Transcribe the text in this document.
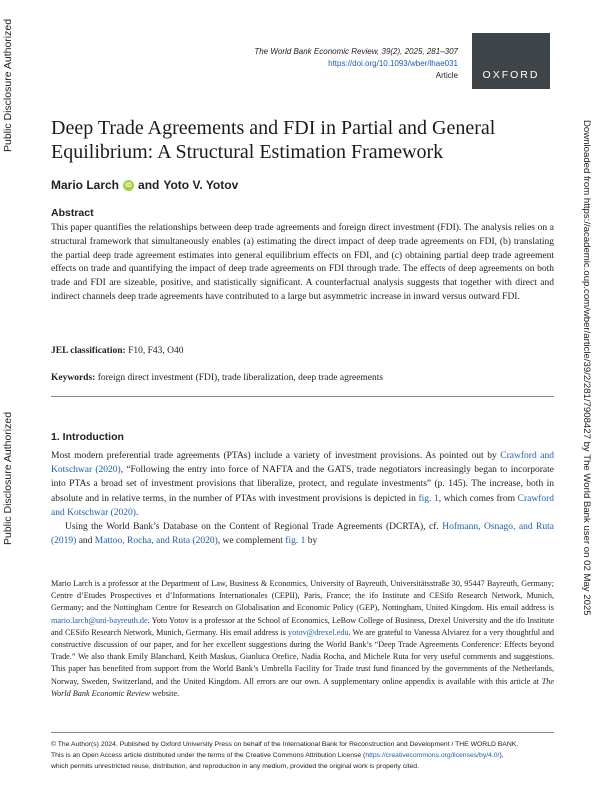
Public Disclosure Authorized
Public Disclosure Authorized	Downloaded from https://academic.oup.com/wber/article/39/2/281/7908427 by The World Bank user on 02 May 2025
The World Bank Economic Review, 39(2), 2025, 281–307
https://doi.org/10.1093/wber/lhae031
Article OXFORD
Deep Trade Agreements and FDI in Partial and General Equilibrium: A Structural Estimation Framework
Mario Larch iD and Yoto V. Yotov
Abstract
This paper quantifies the relationships between deep trade agreements and foreign direct investment (FDI). The analysis relies on a structural framework that simultaneously enables (a) estimating the direct impact of deep trade agreements on FDI, (b) translating the partial deep trade agreement estimates into general equilibrium effects on FDI, and (c) obtaining partial deep trade agreement effects on trade and quantifying the impact of deep trade agreements on FDI through trade. The effects of deep agreements on both trade and FDI are sizeable, positive, and statistically significant. A counterfactual analysis suggests that together with direct and indirect channels deep trade agreements have contributed to a large but asymmetric increase in inward versus outward FDI.
JEL classification: F10, F43, O40
Keywords: foreign direct investment (FDI), trade liberalization, deep trade agreements
1. Introduction

Most modern preferential trade agreements (PTAs) include a variety of investment provisions. As pointed out by Crawford and Kotschwar (2020), “Following the entry into force of NAFTA and the GATS, trade negotiators increasingly began to incorporate into PTAs a broad set of investment provisions that liberalize, protect, and regulate investments” (p. 145). The increase, both in absolute and in relative terms, in the number of PTAs with investment provisions is depicted in fig. 1, which comes from Crawford and Kotschwar (2020).

Using the World Bank’s Database on the Content of Regional Trade Agreements (DCRTA), cf. Hofmann, Osnago, and Ruta (2019) and Mattoo, Rocha, and Ruta (2020), we complement fig. 1 by

Mario Larch is a professor at the Department of Law, Business & Economics, University of Bayreuth, Universitätsstraße 30, 95447 Bayreuth, Germany; Centre d’Etudes Prospectives et d’Informations Internationales (CEPII), Paris, France; the ifo Institute and CESifo Research Network, Munich, Germany; and the Nottingham Centre for Research on Globalisation and Economic Policy (GEP), Nottingham, United Kingdom. His email address is mario.larch@uni-bayreuth.de. Yoto Yotov is a professor at the School of Economics, LeBow College of Business, Drexel University and the ifo Institute and CESifo Research Network, Munich, Germany. His email address is yotov@drexel.edu. We are grateful to Vanessa Alviarez for a very thoughtful and constructive discussion of our paper, and for her excellent suggestions during the World Bank’s “Deep Trade Agreements Conference: Effects beyond Trade.” We also thank Emily Blanchard, Keith Maskus, Gianluca Orefice, Nadia Rocha, and Michele Ruta for very useful comments and suggestions. This paper has benefited from support from the World Bank’s Umbrella Facility for Trade trust fund financed by the governments of the Netherlands, Norway, Sweden, Switzerland, and the United Kingdom. All errors are our own. A supplementary online appendix is available with this article at The World Bank Economic Review website.
© The Author(s) 2024. Published by Oxford University Press on behalf of the International Bank for Reconstruction and Development / THE WORLD BANK.
This is an Open Access article distributed under the terms of the Creative Commons Attribution License (https://creativecommons.org/licenses/by/4.0/),
which permits unrestricted reuse, distribution, and reproduction in any medium, provided the original work is properly cited.
